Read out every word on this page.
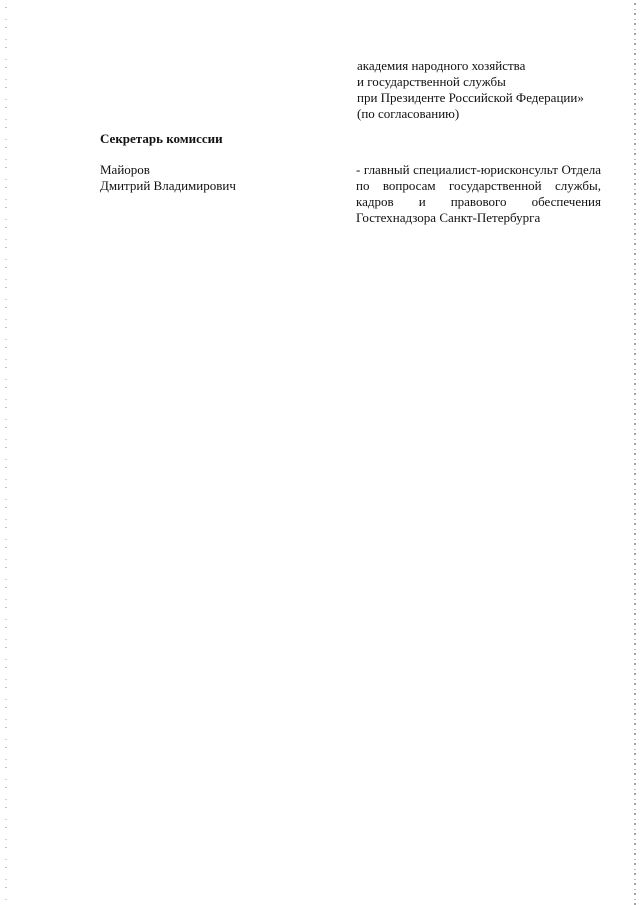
академия народного хозяйства
и государственной службы
при Президенте Российской Федерации»
(по согласованию)
Секретарь комиссии
Майоров
Дмитрий Владимирович
- главный специалист-юрисконсульт Отдела
по вопросам государственной службы,
кадров и правового обеспечения
Гостехнадзора Санкт-Петербурга
